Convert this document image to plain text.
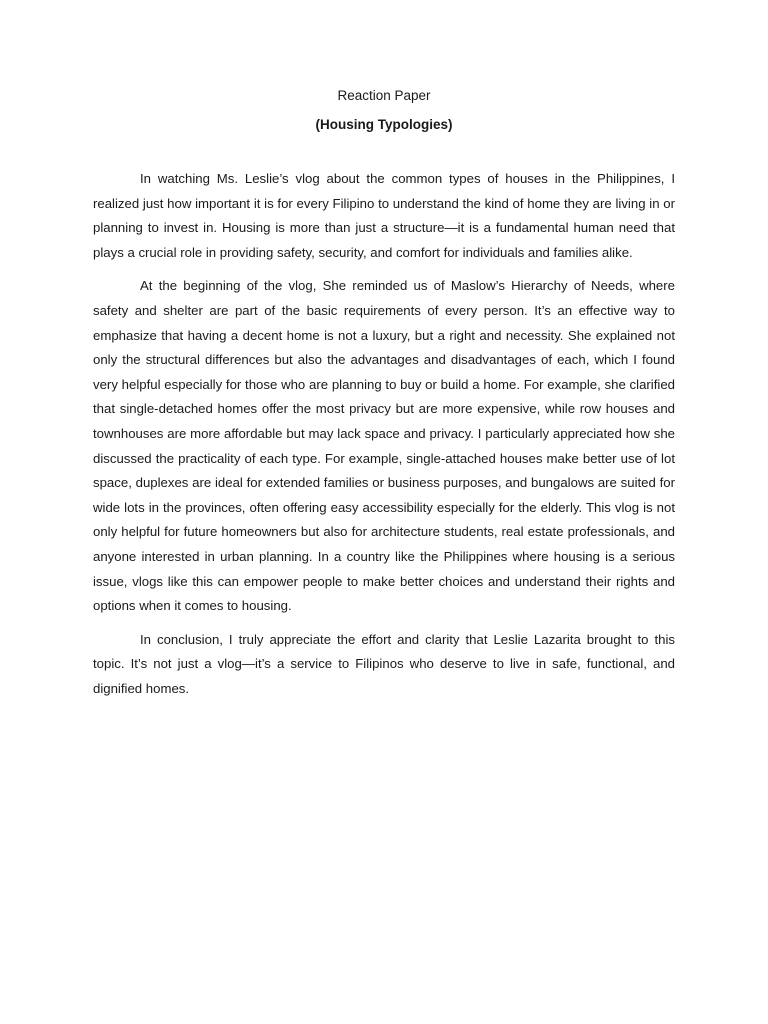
Reaction Paper
(Housing Typologies)

In watching Ms. Leslie’s vlog about the common types of houses in the Philippines, I realized just how important it is for every Filipino to understand the kind of home they are living in or planning to invest in. Housing is more than just a structure—it is a fundamental human need that plays a crucial role in providing safety, security, and comfort for individuals and families alike.

At the beginning of the vlog, She reminded us of Maslow’s Hierarchy of Needs, where safety and shelter are part of the basic requirements of every person. It’s an effective way to emphasize that having a decent home is not a luxury, but a right and necessity. She explained not only the structural differences but also the advantages and disadvantages of each, which I found very helpful especially for those who are planning to buy or build a home. For example, she clarified that single-detached homes offer the most privacy but are more expensive, while row houses and townhouses are more affordable but may lack space and privacy. I particularly appreciated how she discussed the practicality of each type. For example, single-attached houses make better use of lot space, duplexes are ideal for extended families or business purposes, and bungalows are suited for wide lots in the provinces, often offering easy accessibility especially for the elderly. This vlog is not only helpful for future homeowners but also for architecture students, real estate professionals, and anyone interested in urban planning. In a country like the Philippines where housing is a serious issue, vlogs like this can empower people to make better choices and understand their rights and options when it comes to housing.

In conclusion, I truly appreciate the effort and clarity that Leslie Lazarita brought to this topic. It’s not just a vlog—it’s a service to Filipinos who deserve to live in safe, functional, and dignified homes.
